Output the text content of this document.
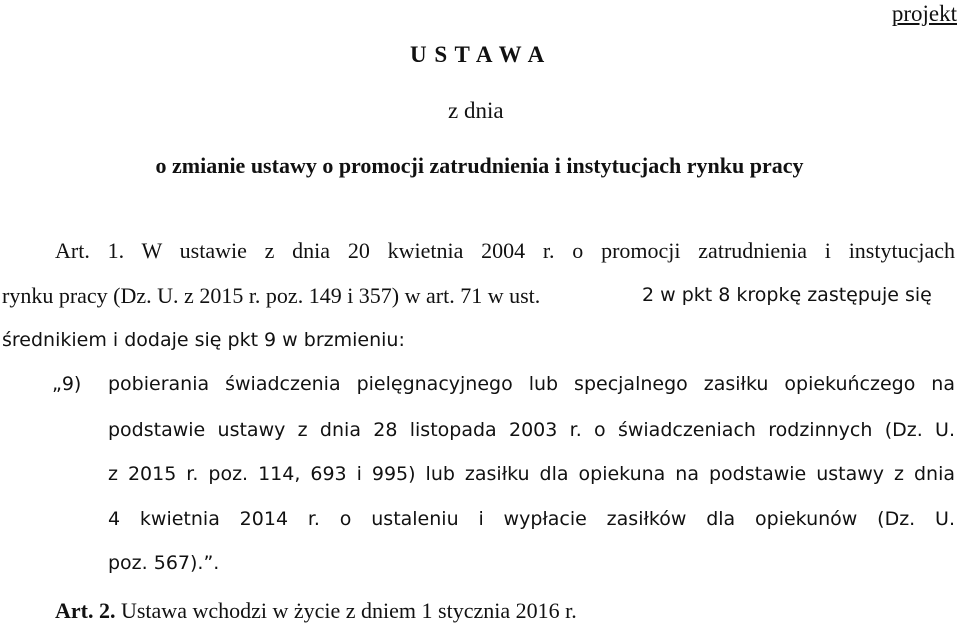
projekt
U S T A W A
z dnia
o zmianie ustawy o promocji zatrudnienia i instytucjach rynku pracy
Art. 1. W ustawie z dnia 20 kwietnia 2004 r. o promocji zatrudnienia i instytucjach
rynku pracy (Dz. U. z 2015 r. poz. 149 i 357) w art. 71 w ust.	2 w pkt 8 kropkę zastępuje się
średnikiem i dodaje się pkt 9 w brzmieniu:
„9) pobierania świadczenia pielęgnacyjnego lub specjalnego zasiłku opiekuńczego na
podstawie ustawy z dnia 28 listopada 2003 r. o świadczeniach rodzinnych (Dz. U.
z 2015 r. poz. 114, 693 i 995) lub zasiłku dla opiekuna na podstawie ustawy z dnia
4 kwietnia 2014 r. o ustaleniu i wypłacie zasiłków dla opiekunów (Dz. U.
poz. 567).”.
Art. 2. Ustawa wchodzi w życie z dniem 1 stycznia 2016 r.
